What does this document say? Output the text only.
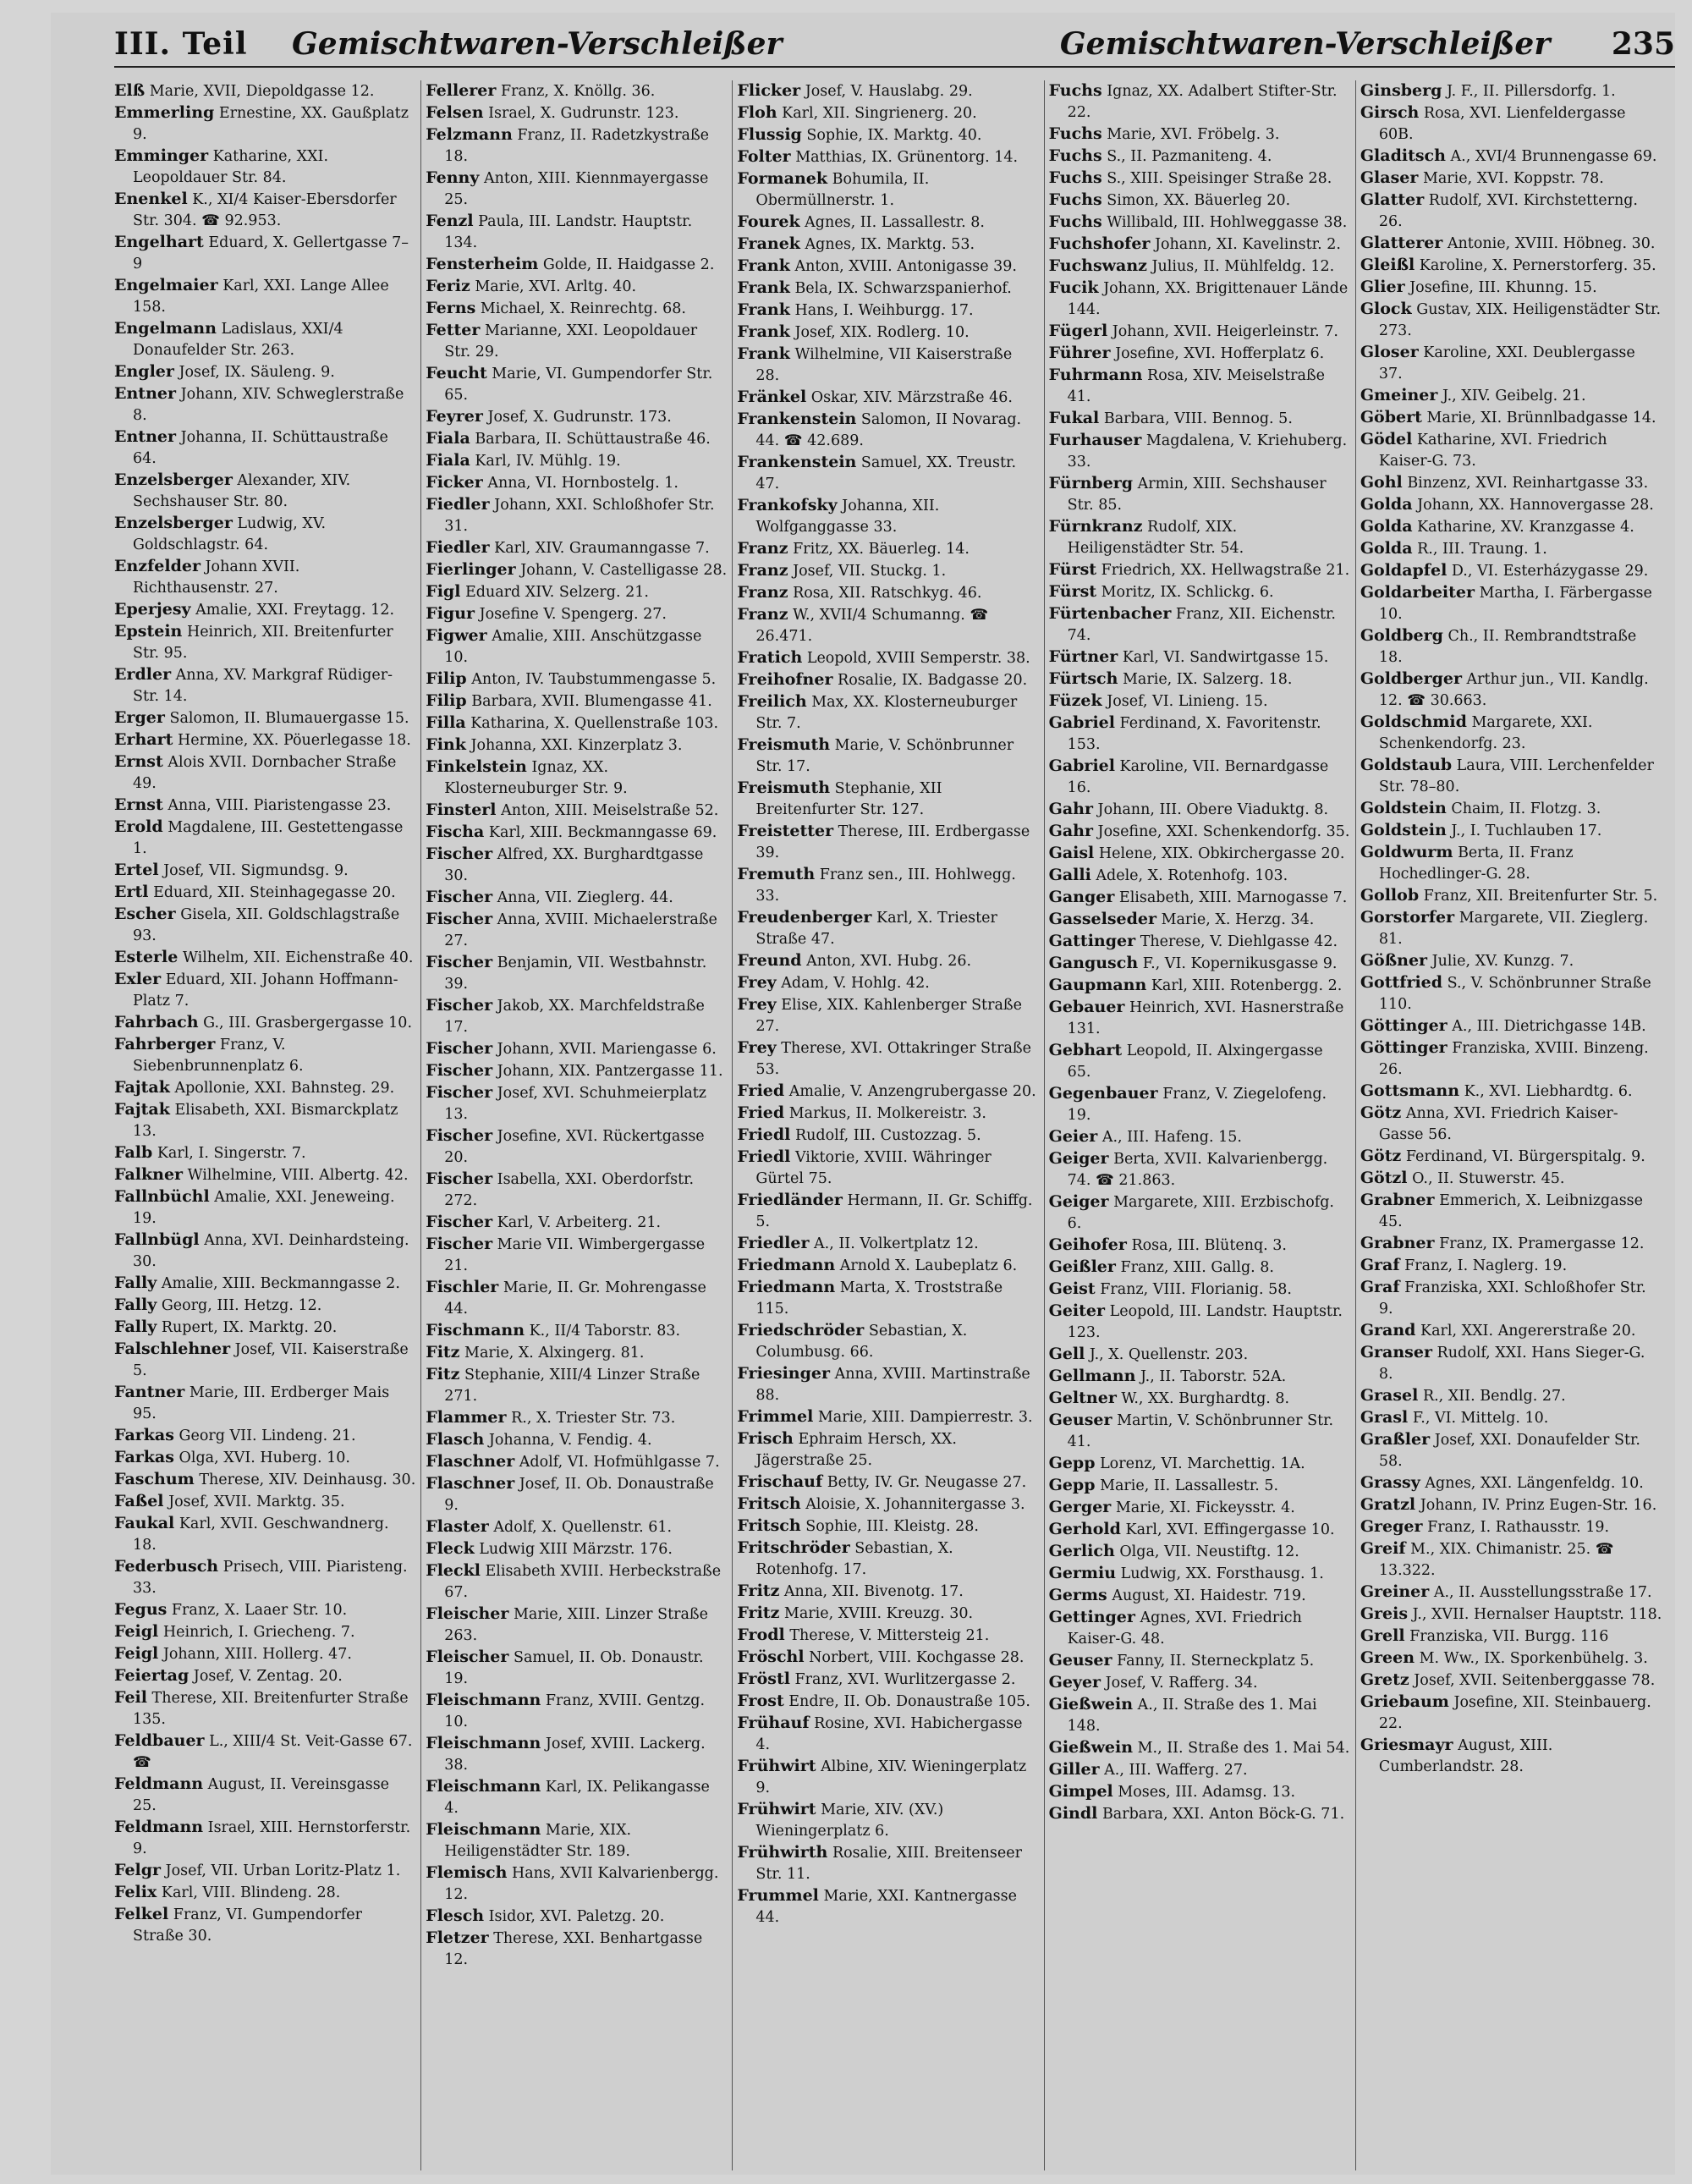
III. Teil Gemischtwaren-Verschleißer	Gemischtwaren-Verschleißer 235
Elß Marie, XVII, Diepoldgasse 12.
Emmerling Ernestine, XX. Gaußplatz 9.
Emminger Katharine, XXI. Leopoldauer Str. 84.
Enenkel K., XI/4 Kaiser-Ebersdorfer Str. 304. ☎ 92.953.
Engelhart Eduard, X. Gellertgasse 7–9
Engelmaier Karl, XXI. Lange Allee 158.
Engelmann Ladislaus, XXI/4 Donaufelder Str. 263.
Engler Josef, IX. Säuleng. 9.
Entner Johann, XIV. Schweglerstraße 8.
Entner Johanna, II. Schüttaustraße 64.
Enzelsberger Alexander, XIV. Sechshauser Str. 80.
Enzelsberger Ludwig, XV. Goldschlagstr. 64.
Enzfelder Johann XVII. Richthausenstr. 27.
Eperjesy Amalie, XXI. Freytagg. 12.
Epstein Heinrich, XII. Breitenfurter Str. 95.
Erdler Anna, XV. Markgraf Rüdiger-Str. 14.
Erger Salomon, II. Blumauergasse 15.
Erhart Hermine, XX. Pöuerlegasse 18.
Ernst Alois XVII. Dornbacher Straße 49.
Ernst Anna, VIII. Piaristengasse 23.
Erold Magdalene, III. Gestettengasse 1.
Ertel Josef, VII. Sigmundsg. 9.
Ertl Eduard, XII. Steinhagegasse 20.
Escher Gisela, XII. Goldschlagstraße 93.
Esterle Wilhelm, XII. Eichenstraße 40.
Exler Eduard, XII. Johann Hoffmann-Platz 7.
Fahrbach G., III. Grasbergergasse 10.
Fahrberger Franz, V. Siebenbrunnenplatz 6.
Fajtak Apollonie, XXI. Bahnsteg. 29.
Fajtak Elisabeth, XXI. Bismarckplatz 13.
Falb Karl, I. Singerstr. 7.
Falkner Wilhelmine, VIII. Albertg. 42.
Fallnbüchl Amalie, XXI. Jeneweing. 19.
Fallnbügl Anna, XVI. Deinhardsteing. 30.
Fally Amalie, XIII. Beckmanngasse 2.
Fally Georg, III. Hetzg. 12.
Fally Rupert, IX. Marktg. 20.
Falschlehner Josef, VII. Kaiserstraße 5.
Fantner Marie, III. Erdberger Mais 95.
Farkas Georg VII. Lindeng. 21.
Farkas Olga, XVI. Huberg. 10.
Faschum Therese, XIV. Deinhausg. 30.
Faßel Josef, XVII. Marktg. 35.
Faukal Karl, XVII. Geschwandnerg. 18.
Federbusch Prisech, VIII. Piaristeng. 33.
Fegus Franz, X. Laaer Str. 10.
Feigl Heinrich, I. Griecheng. 7.
Feigl Johann, XIII. Hollerg. 47.
Feiertag Josef, V. Zentag. 20.
Feil Therese, XII. Breitenfurter Straße 135.
Feldbauer L., XIII/4 St. Veit-Gasse 67. ☎
Feldmann August, II. Vereinsgasse 25.
Feldmann Israel, XIII. Hernstorferstr. 9.
Felgr Josef, VII. Urban Loritz-Platz 1.
Felix Karl, VIII. Blindeng. 28.
Felkel Franz, VI. Gumpendorfer Straße 30.
Fellerer Franz, X. Knöllg. 36.
Felsen Israel, X. Gudrunstr. 123.
Felzmann Franz, II. Radetzkystraße 18.
Fenny Anton, XIII. Kiennmayergasse 25.
Fenzl Paula, III. Landstr. Hauptstr. 134.
Fensterheim Golde, II. Haidgasse 2.
Feriz Marie, XVI. Arltg. 40.
Ferns Michael, X. Reinrechtg. 68.
Fetter Marianne, XXI. Leopoldauer Str. 29.
Feucht Marie, VI. Gumpendorfer Str. 65.
Feyrer Josef, X. Gudrunstr. 173.
Fiala Barbara, II. Schüttaustraße 46.
Fiala Karl, IV. Mühlg. 19.
Ficker Anna, VI. Hornbostelg. 1.
Fiedler Johann, XXI. Schloßhofer Str. 31.
Fiedler Karl, XIV. Graumanngasse 7.
Fierlinger Johann, V. Castelligasse 28.
Figl Eduard XIV. Selzerg. 21.
Figur Josefine V. Spengerg. 27.
Figwer Amalie, XIII. Anschützgasse 10.
Filip Anton, IV. Taubstummengasse 5.
Filip Barbara, XVII. Blumengasse 41.
Filla Katharina, X. Quellenstraße 103.
Fink Johanna, XXI. Kinzerplatz 3.
Finkelstein Ignaz, XX. Klosterneuburger Str. 9.
Finsterl Anton, XIII. Meiselstraße 52.
Fischa Karl, XIII. Beckmanngasse 69.
Fischer Alfred, XX. Burghardtgasse 30.
Fischer Anna, VII. Zieglerg. 44.
Fischer Anna, XVIII. Michaelerstraße 27.
Fischer Benjamin, VII. Westbahnstr. 39.
Fischer Jakob, XX. Marchfeldstraße 17.
Fischer Johann, XVII. Mariengasse 6.
Fischer Johann, XIX. Pantzergasse 11.
Fischer Josef, XVI. Schuhmeierplatz 13.
Fischer Josefine, XVI. Rückertgasse 20.
Fischer Isabella, XXI. Oberdorfstr. 272.
Fischer Karl, V. Arbeiterg. 21.
Fischer Marie VII. Wimbergergasse 21.
Fischler Marie, II. Gr. Mohrengasse 44.
Fischmann K., II/4 Taborstr. 83.
Fitz Marie, X. Alxingerg. 81.
Fitz Stephanie, XIII/4 Linzer Straße 271.
Flammer R., X. Triester Str. 73.
Flasch Johanna, V. Fendig. 4.
Flaschner Adolf, VI. Hofmühlgasse 7.
Flaschner Josef, II. Ob. Donaustraße 9.
Flaster Adolf, X. Quellenstr. 61.
Fleck Ludwig XIII Märzstr. 176.
Fleckl Elisabeth XVIII. Herbeckstraße 67.
Fleischer Marie, XIII. Linzer Straße 263.
Fleischer Samuel, II. Ob. Donaustr. 19.
Fleischmann Franz, XVIII. Gentzg. 10.
Fleischmann Josef, XVIII. Lackerg. 38.
Fleischmann Karl, IX. Pelikangasse 4.
Fleischmann Marie, XIX. Heiligenstädter Str. 189.
Flemisch Hans, XVII Kalvarienbergg. 12.
Flesch Isidor, XVI. Paletzg. 20.
Fletzer Therese, XXI. Benhartgasse 12.
Flicker Josef, V. Hauslabg. 29.
Floh Karl, XII. Singrienerg. 20.
Flussig Sophie, IX. Marktg. 40.
Folter Matthias, IX. Grünentorg. 14.
Formanek Bohumila, II. Obermüllnerstr. 1.
Fourek Agnes, II. Lassallestr. 8.
Franek Agnes, IX. Marktg. 53.
Frank Anton, XVIII. Antonigasse 39.
Frank Bela, IX. Schwarzspanierhof.
Frank Hans, I. Weihburgg. 17.
Frank Josef, XIX. Rodlerg. 10.
Frank Wilhelmine, VII Kaiserstraße 28.
Fränkel Oskar, XIV. Märzstraße 46.
Frankenstein Salomon, II Novarag. 44. ☎ 42.689.
Frankenstein Samuel, XX. Treustr. 47.
Frankofsky Johanna, XII. Wolfganggasse 33.
Franz Fritz, XX. Bäuerleg. 14.
Franz Josef, VII. Stuckg. 1.
Franz Rosa, XII. Ratschkyg. 46.
Franz W., XVII/4 Schumanng. ☎ 26.471.
Fratich Leopold, XVIII Semperstr. 38.
Freihofner Rosalie, IX. Badgasse 20.
Freilich Max, XX. Klosterneuburger Str. 7.
Freismuth Marie, V. Schönbrunner Str. 17.
Freismuth Stephanie, XII Breitenfurter Str. 127.
Freistetter Therese, III. Erdbergasse 39.
Fremuth Franz sen., III. Hohlwegg. 33.
Freudenberger Karl, X. Triester Straße 47.
Freund Anton, XVI. Hubg. 26.
Frey Adam, V. Hohlg. 42.
Frey Elise, XIX. Kahlenberger Straße 27.
Frey Therese, XVI. Ottakringer Straße 53.
Fried Amalie, V. Anzengrubergasse 20.
Fried Markus, II. Molkereistr. 3.
Friedl Rudolf, III. Custozzag. 5.
Friedl Viktorie, XVIII. Währinger Gürtel 75.
Friedländer Hermann, II. Gr. Schiffg. 5.
Friedler A., II. Volkertplatz 12.
Friedmann Arnold X. Laubeplatz 6.
Friedmann Marta, X. Troststraße 115.
Friedschröder Sebastian, X. Columbusg. 66.
Friesinger Anna, XVIII. Martinstraße 88.
Frimmel Marie, XIII. Dampierrestr. 3.
Frisch Ephraim Hersch, XX. Jägerstraße 25.
Frischauf Betty, IV. Gr. Neugasse 27.
Fritsch Aloisie, X. Johannitergasse 3.
Fritsch Sophie, III. Kleistg. 28.
Fritschröder Sebastian, X. Rotenhofg. 17.
Fritz Anna, XII. Bivenotg. 17.
Fritz Marie, XVIII. Kreuzg. 30.
Frodl Therese, V. Mittersteig 21.
Fröschl Norbert, VIII. Kochgasse 28.
Fröstl Franz, XVI. Wurlitzergasse 2.
Frost Endre, II. Ob. Donaustraße 105.
Frühauf Rosine, XVI. Habichergasse 4.
Frühwirt Albine, XIV. Wieningerplatz 9.
Frühwirt Marie, XIV. (XV.) Wieningerplatz 6.
Frühwirth Rosalie, XIII. Breitenseer Str. 11.
Frummel Marie, XXI. Kantnergasse 44.
Fuchs Ignaz, XX. Adalbert Stifter-Str. 22.
Fuchs Marie, XVI. Fröbelg. 3.
Fuchs S., II. Pazmaniteng. 4.
Fuchs S., XIII. Speisinger Straße 28.
Fuchs Simon, XX. Bäuerleg 20.
Fuchs Willibald, III. Hohlweggasse 38.
Fuchshofer Johann, XI. Kavelinstr. 2.
Fuchswanz Julius, II. Mühlfeldg. 12.
Fucik Johann, XX. Brigittenauer Lände 144.
Fügerl Johann, XVII. Heigerleinstr. 7.
Führer Josefine, XVI. Hofferplatz 6.
Fuhrmann Rosa, XIV. Meiselstraße 41.
Fukal Barbara, VIII. Bennog. 5.
Furhauser Magdalena, V. Kriehuberg. 33.
Fürnberg Armin, XIII. Sechshauser Str. 85.
Fürnkranz Rudolf, XIX. Heiligenstädter Str. 54.
Fürst Friedrich, XX. Hellwagstraße 21.
Fürst Moritz, IX. Schlickg. 6.
Fürtenbacher Franz, XII. Eichenstr. 74.
Fürtner Karl, VI. Sandwirtgasse 15.
Fürtsch Marie, IX. Salzerg. 18.
Füzek Josef, VI. Linieng. 15.
Gabriel Ferdinand, X. Favoritenstr. 153.
Gabriel Karoline, VII. Bernardgasse 16.
Gahr Johann, III. Obere Viaduktg. 8.
Gahr Josefine, XXI. Schenkendorfg. 35.
Gaisl Helene, XIX. Obkirchergasse 20.
Galli Adele, X. Rotenhofg. 103.
Ganger Elisabeth, XIII. Marnogasse 7.
Gasselseder Marie, X. Herzg. 34.
Gattinger Therese, V. Diehlgasse 42.
Gangusch F., VI. Kopernikusgasse 9.
Gaupmann Karl, XIII. Rotenbergg. 2.
Gebauer Heinrich, XVI. Hasnerstraße 131.
Gebhart Leopold, II. Alxingergasse 65.
Gegenbauer Franz, V. Ziegelofeng. 19.
Geier A., III. Hafeng. 15.
Geiger Berta, XVII. Kalvarienbergg. 74. ☎ 21.863.
Geiger Margarete, XIII. Erzbischofg. 6.
Geihofer Rosa, III. Blütenq. 3.
Geißler Franz, XIII. Gallg. 8.
Geist Franz, VIII. Florianig. 58.
Geiter Leopold, III. Landstr. Hauptstr. 123.
Gell J., X. Quellenstr. 203.
Gellmann J., II. Taborstr. 52A.
Geltner W., XX. Burghardtg. 8.
Geuser Martin, V. Schönbrunner Str. 41.
Gepp Lorenz, VI. Marchettig. 1A.
Gepp Marie, II. Lassallestr. 5.
Gerger Marie, XI. Fickeysstr. 4.
Gerhold Karl, XVI. Effingergasse 10.
Gerlich Olga, VII. Neustiftg. 12.
Germiu Ludwig, XX. Forsthausg. 1.
Germs August, XI. Haidestr. 719.
Gettinger Agnes, XVI. Friedrich Kaiser-G. 48.
Geuser Fanny, II. Sterneckplatz 5.
Geyer Josef, V. Rafferg. 34.
Gießwein A., II. Straße des 1. Mai 148.
Gießwein M., II. Straße des 1. Mai 54.
Giller A., III. Wafferg. 27.
Gimpel Moses, III. Adamsg. 13.
Gindl Barbara, XXI. Anton Böck-G. 71.
Ginsberg J. F., II. Pillersdorfg. 1.
Girsch Rosa, XVI. Lienfeldergasse 60B.
Gladitsch A., XVI/4 Brunnengasse 69.
Glaser Marie, XVI. Koppstr. 78.
Glatter Rudolf, XVI. Kirchstetterng. 26.
Glatterer Antonie, XVIII. Höbneg. 30.
Gleißl Karoline, X. Pernerstorferg. 35.
Glier Josefine, III. Khunng. 15.
Glock Gustav, XIX. Heiligenstädter Str. 273.
Gloser Karoline, XXI. Deublergasse 37.
Gmeiner J., XIV. Geibelg. 21.
Göbert Marie, XI. Brünnlbadgasse 14.
Gödel Katharine, XVI. Friedrich Kaiser-G. 73.
Gohl Binzenz, XVI. Reinhartgasse 33.
Golda Johann, XX. Hannovergasse 28.
Golda Katharine, XV. Kranzgasse 4.
Golda R., III. Traung. 1.
Goldapfel D., VI. Esterházygasse 29.
Goldarbeiter Martha, I. Färbergasse 10.
Goldberg Ch., II. Rembrandtstraße 18.
Goldberger Arthur jun., VII. Kandlg. 12. ☎ 30.663.
Goldschmid Margarete, XXI. Schenkendorfg. 23.
Goldstaub Laura, VIII. Lerchenfelder Str. 78–80.
Goldstein Chaim, II. Flotzg. 3.
Goldstein J., I. Tuchlauben 17.
Goldwurm Berta, II. Franz Hochedlinger-G. 28.
Gollob Franz, XII. Breitenfurter Str. 5.
Gorstorfer Margarete, VII. Zieglerg. 81.
Gößner Julie, XV. Kunzg. 7.
Gottfried S., V. Schönbrunner Straße 110.
Göttinger A., III. Dietrichgasse 14B.
Göttinger Franziska, XVIII. Binzeng. 26.
Gottsmann K., XVI. Liebhardtg. 6.
Götz Anna, XVI. Friedrich Kaiser-Gasse 56.
Götz Ferdinand, VI. Bürgerspitalg. 9.
Götzl O., II. Stuwerstr. 45.
Grabner Emmerich, X. Leibnizgasse 45.
Grabner Franz, IX. Pramergasse 12.
Graf Franz, I. Naglerg. 19.
Graf Franziska, XXI. Schloßhofer Str. 9.
Grand Karl, XXI. Angererstraße 20.
Granser Rudolf, XXI. Hans Sieger-G. 8.
Grasel R., XII. Bendlg. 27.
Grasl F., VI. Mittelg. 10.
Graßler Josef, XXI. Donaufelder Str. 58.
Grassy Agnes, XXI. Längenfeldg. 10.
Gratzl Johann, IV. Prinz Eugen-Str. 16.
Greger Franz, I. Rathausstr. 19.
Greif M., XIX. Chimanistr. 25. ☎ 13.322.
Greiner A., II. Ausstellungsstraße 17.
Greis J., XVII. Hernalser Hauptstr. 118.
Grell Franziska, VII. Burgg. 116
Green M. Ww., IX. Sporkenbühelg. 3.
Gretz Josef, XVII. Seitenberggasse 78.
Griebaum Josefine, XII. Steinbauerg. 22.
Griesmayr August, XIII. Cumberlandstr. 28.
